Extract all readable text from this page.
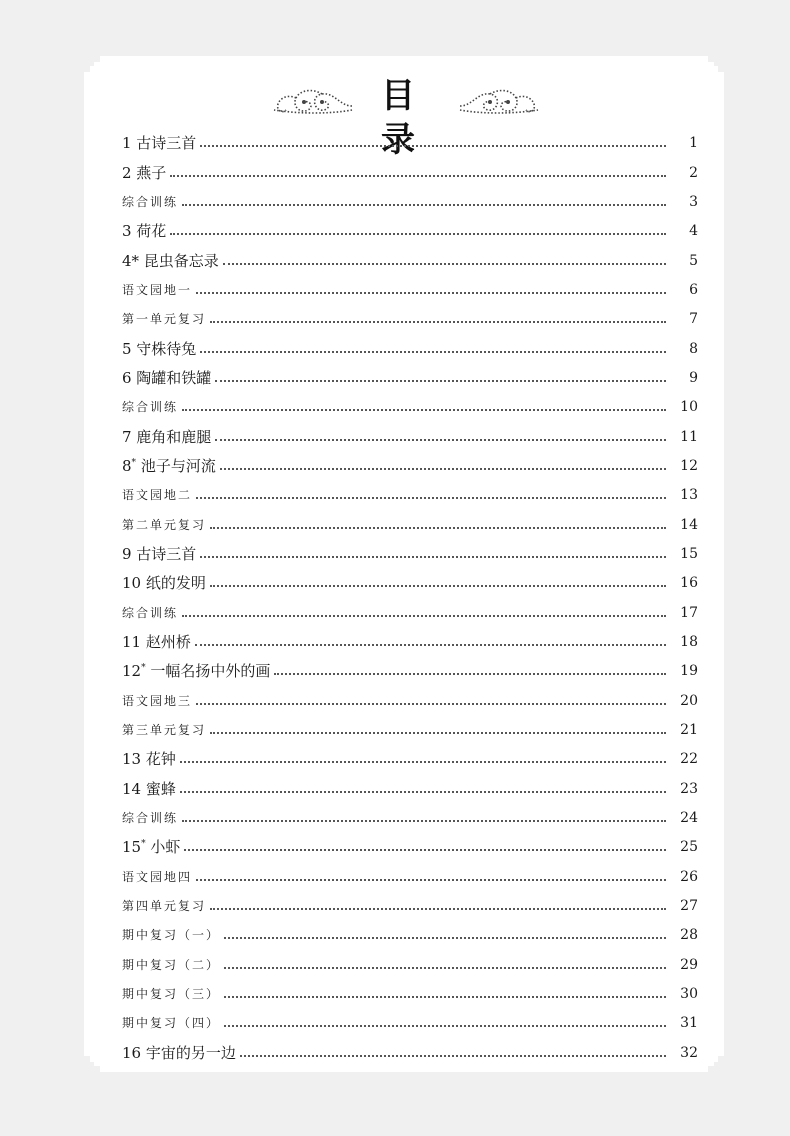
目录
1 古诗三首	1
2 燕子	2
综合训练	3
3 荷花	4
4* 昆虫备忘录	5
语文园地一	6
第一单元复习	7
5 守株待兔	8
6 陶罐和铁罐	9
综合训练	10
7 鹿角和鹿腿	11
8* 池子与河流	12
语文园地二	13
第二单元复习	14
9 古诗三首	15
10 纸的发明	16
综合训练	17
11 赵州桥	18
12* 一幅名扬中外的画	19
语文园地三	20
第三单元复习	21
13 花钟	22
14 蜜蜂	23
综合训练	24
15* 小虾	25
语文园地四	26
第四单元复习	27
期中复习（一）	28
期中复习（二）	29
期中复习（三）	30
期中复习（四）	31
16 宇宙的另一边	32
